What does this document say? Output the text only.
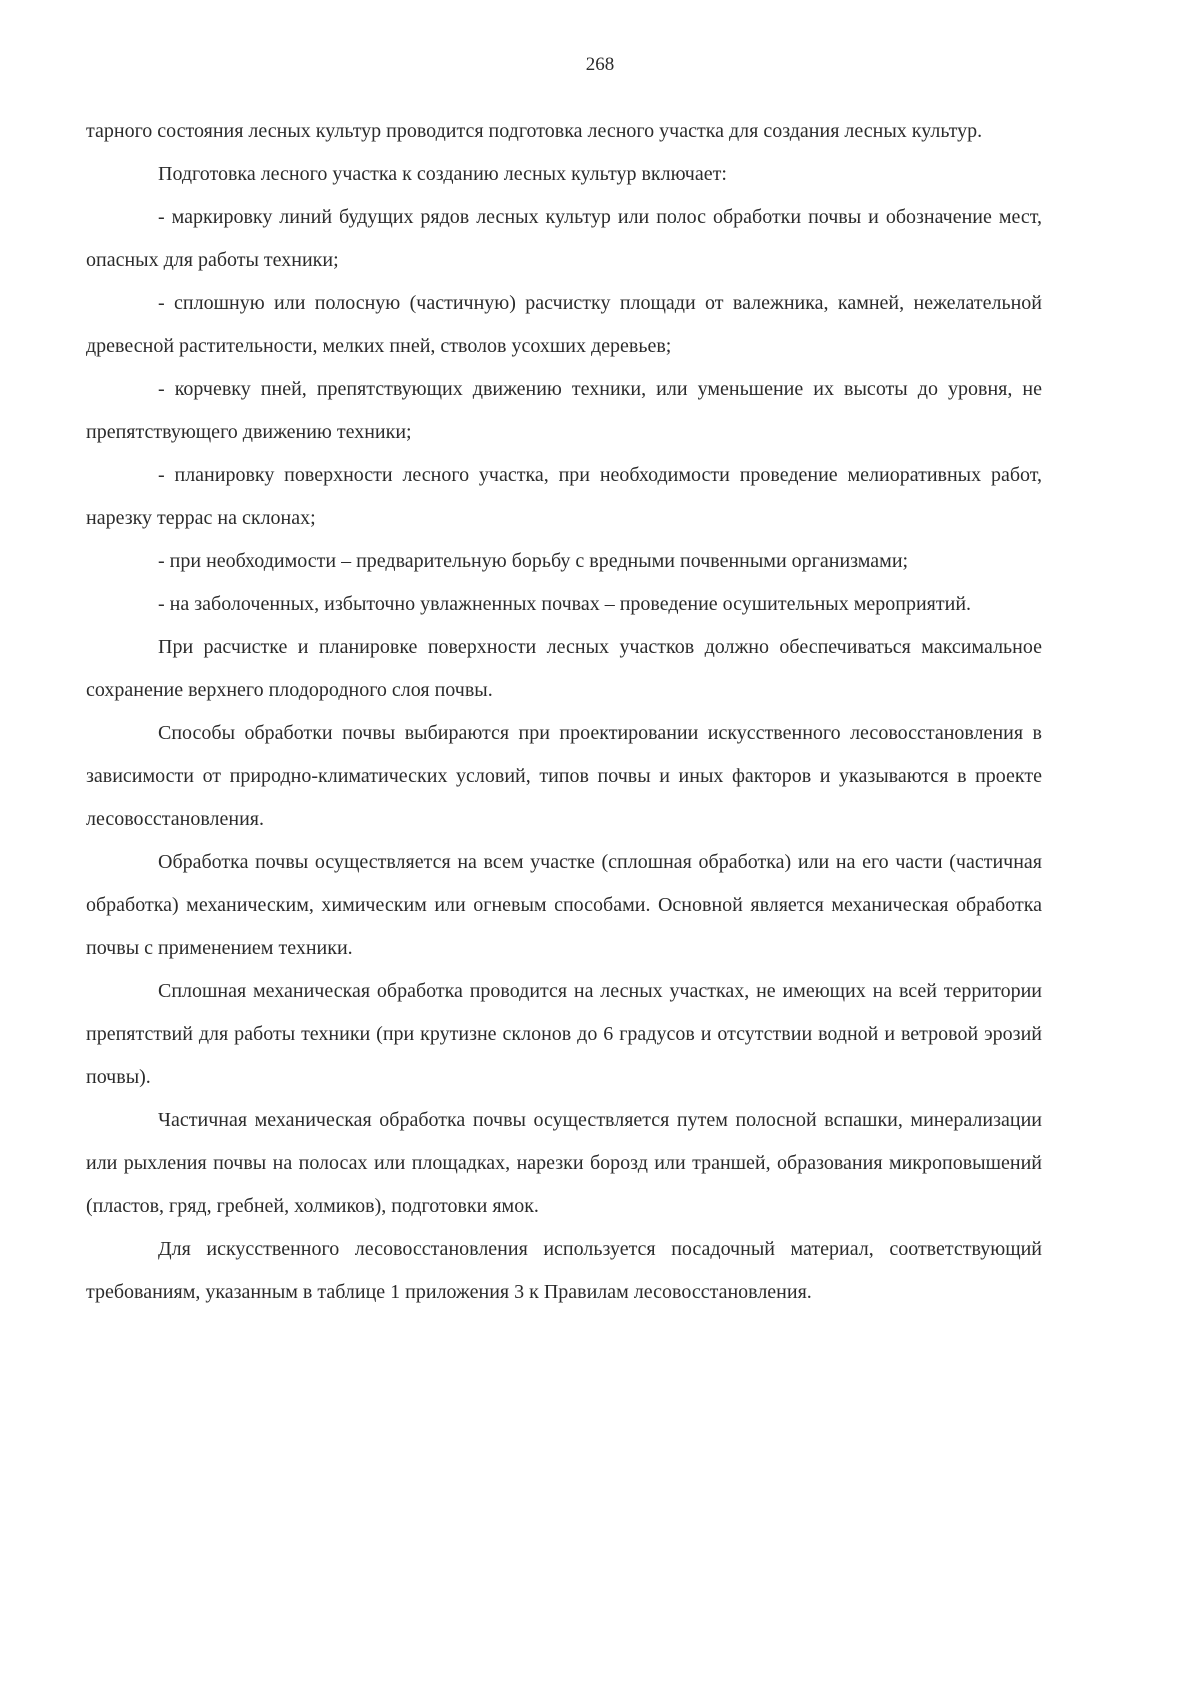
268

тарного состояния лесных культур проводится подготовка лесного участка для создания лесных культур.

Подготовка лесного участка к созданию лесных культур включает:

- маркировку линий будущих рядов лесных культур или полос обработки почвы и обозначение мест, опасных для работы техники;

- сплошную или полосную (частичную) расчистку площади от валежника, камней, нежелательной древесной растительности, мелких пней, стволов усохших деревьев;

- корчевку пней, препятствующих движению техники, или уменьшение их высоты до уровня, не препятствующего движению техники;

- планировку поверхности лесного участка, при необходимости проведение мелиоративных работ, нарезку террас на склонах;

- при необходимости – предварительную борьбу с вредными почвенными организмами;

- на заболоченных, избыточно увлажненных почвах – проведение осушительных мероприятий.

При расчистке и планировке поверхности лесных участков должно обеспечиваться максимальное сохранение верхнего плодородного слоя почвы.

Способы обработки почвы выбираются при проектировании искусственного лесовосстановления в зависимости от природно-климатических условий, типов почвы и иных факторов и указываются в проекте лесовосстановления.

Обработка почвы осуществляется на всем участке (сплошная обработка) или на его части (частичная обработка) механическим, химическим или огневым способами. Основной является механическая обработка почвы с применением техники.

Сплошная механическая обработка проводится на лесных участках, не имеющих на всей территории препятствий для работы техники (при крутизне склонов до 6 градусов и отсутствии водной и ветровой эрозий почвы).

Частичная механическая обработка почвы осуществляется путем полосной вспашки, минерализации или рыхления почвы на полосах или площадках, нарезки борозд или траншей, образования микроповышений (пластов, гряд, гребней, холмиков), подготовки ямок.

Для искусственного лесовосстановления используется посадочный материал, соответствующий требованиям, указанным в таблице 1 приложения 3 к Правилам лесовосстановления.
